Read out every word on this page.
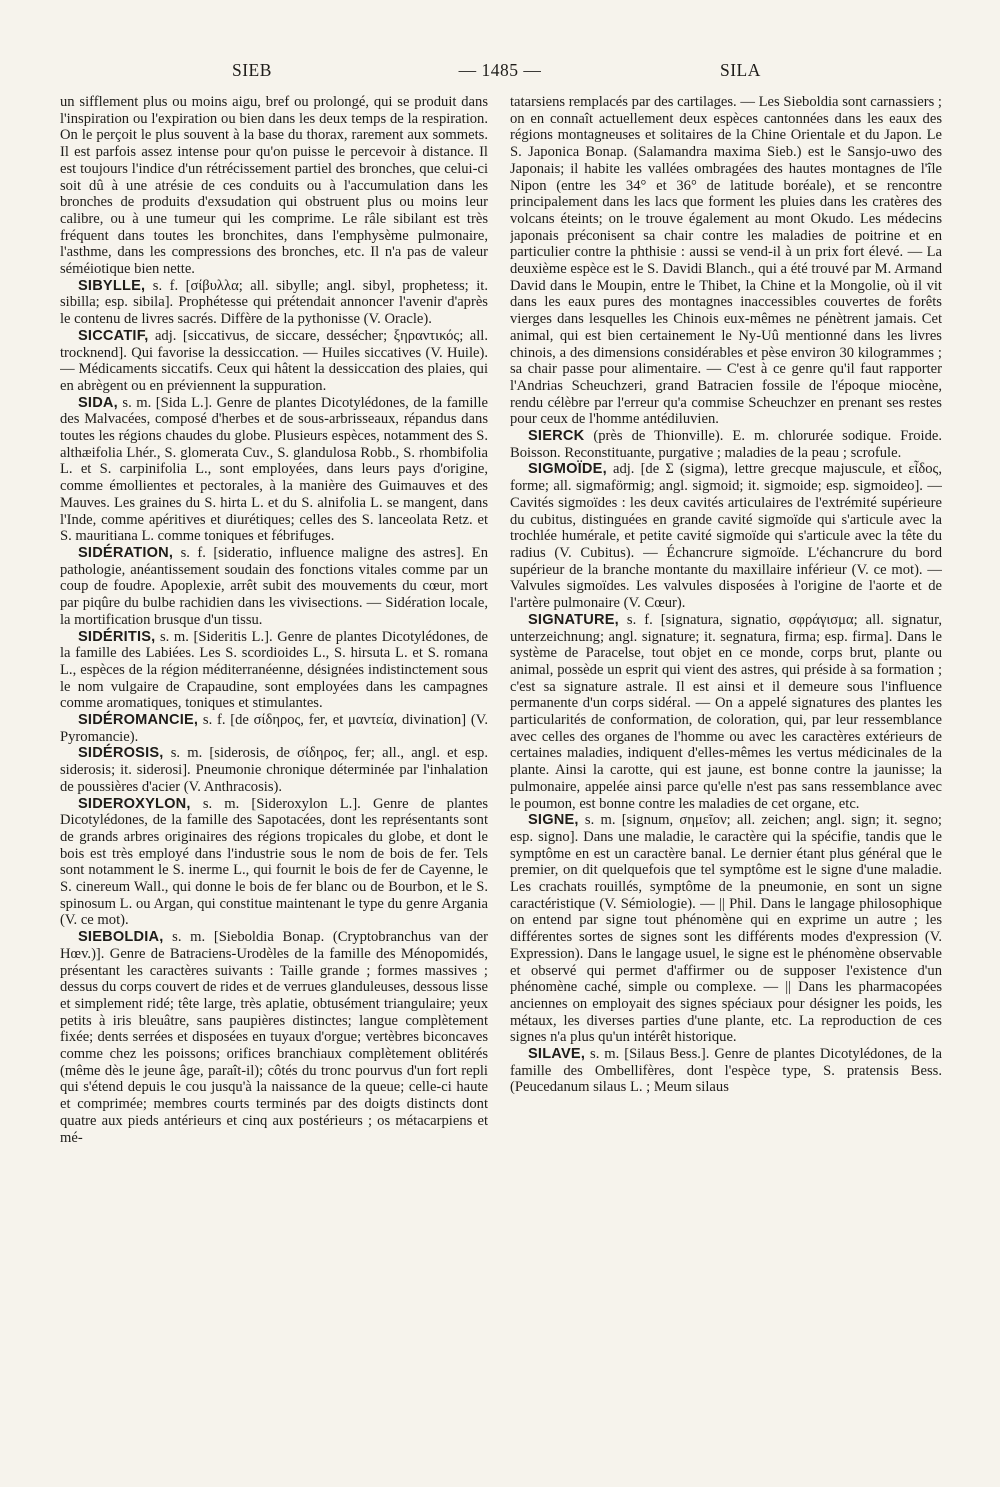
SIEB	— 1485 —	SILA

un sifflement plus ou moins aigu, bref ou prolongé, qui se produit dans l'inspiration ou l'expiration ou bien dans les deux temps de la respiration. On le perçoit le plus souvent à la base du thorax, rarement aux sommets. Il est parfois assez intense pour qu'on puisse le percevoir à distance. Il est toujours l'indice d'un rétrécissement partiel des bronches, que celui-ci soit dû à une atrésie de ces conduits ou à l'accumulation dans les bronches de produits d'exsudation qui obstruent plus ou moins leur calibre, ou à une tumeur qui les comprime. Le râle sibilant est très fréquent dans toutes les bronchites, dans l'emphysème pulmonaire, l'asthme, dans les compressions des bronches, etc. Il n'a pas de valeur séméiotique bien nette.

SIBYLLE, s. f. [σίβυλλα; all. sibylle; angl. sibyl, prophetess; it. sibilla; esp. sibila]. Prophétesse qui prétendait annoncer l'avenir d'après le contenu de livres sacrés. Diffère de la pythonisse (V. Oracle).

SICCATIF, adj. [siccativus, de siccare, dessécher; ξηραντικός; all. trocknend]. Qui favorise la dessiccation. — Huiles siccatives (V. Huile). — Médicaments siccatifs. Ceux qui hâtent la dessiccation des plaies, qui en abrègent ou en préviennent la suppuration.

SIDA, s. m. [Sida L.]. Genre de plantes Dicotylédones, de la famille des Malvacées, composé d'herbes et de sous-arbrisseaux, répandus dans toutes les régions chaudes du globe. Plusieurs espèces, notamment des S. althæifolia Lhér., S. glomerata Cuv., S. glandulosa Robb., S. rhombifolia L. et S. carpinifolia L., sont employées, dans leurs pays d'origine, comme émollientes et pectorales, à la manière des Guimauves et des Mauves. Les graines du S. hirta L. et du S. alnifolia L. se mangent, dans l'Inde, comme apéritives et diurétiques; celles des S. lanceolata Retz. et S. mauritiana L. comme toniques et fébrifuges.

SIDÉRATION, s. f. [sideratio, influence maligne des astres]. En pathologie, anéantissement soudain des fonctions vitales comme par un coup de foudre. Apoplexie, arrêt subit des mouvements du cœur, mort par piqûre du bulbe rachidien dans les vivisections. — Sidération locale, la mortification brusque d'un tissu.

SIDÉRITIS, s. m. [Sideritis L.]. Genre de plantes Dicotylédones, de la famille des Labiées. Les S. scordioides L., S. hirsuta L. et S. romana L., espèces de la région méditerranéenne, désignées indistinctement sous le nom vulgaire de Crapaudine, sont employées dans les campagnes comme aromatiques, toniques et stimulantes.

SIDÉROMANCIE, s. f. [de σίδηρος, fer, et μαντεία, divination] (V. Pyromancie).

SIDÉROSIS, s. m. [siderosis, de σίδηρος, fer; all., angl. et esp. siderosis; it. siderosi]. Pneumonie chronique déterminée par l'inhalation de poussières d'acier (V. Anthracosis).

SIDEROXYLON, s. m. [Sideroxylon L.]. Genre de plantes Dicotylédones, de la famille des Sapotacées, dont les représentants sont de grands arbres originaires des régions tropicales du globe, et dont le bois est très employé dans l'industrie sous le nom de bois de fer. Tels sont notamment le S. inerme L., qui fournit le bois de fer de Cayenne, le S. cinereum Wall., qui donne le bois de fer blanc ou de Bourbon, et le S. spinosum L. ou Argan, qui constitue maintenant le type du genre Argania (V. ce mot).

SIEBOLDIA, s. m. [Sieboldia Bonap. (Cryptobranchus van der Hœv.)]. Genre de Batraciens-Urodèles de la famille des Ménopomidés, présentant les caractères suivants : Taille grande ; formes massives ; dessus du corps couvert de rides et de verrues glanduleuses, dessous lisse et simplement ridé; tête large, très aplatie, obtusément triangulaire; yeux petits à iris bleuâtre, sans paupières distinctes; langue complètement fixée; dents serrées et disposées en tuyaux d'orgue; vertèbres biconcaves comme chez les poissons; orifices branchiaux complètement oblitérés (même dès le jeune âge, paraît-il); côtés du tronc pourvus d'un fort repli qui s'étend depuis le cou jusqu'à la naissance de la queue; celle-ci haute et comprimée; membres courts terminés par des doigts distincts dont quatre aux pieds antérieurs et cinq aux postérieurs ; os métacarpiens et mé-

tatarsiens remplacés par des cartilages. — Les Sieboldia sont carnassiers ; on en connaît actuellement deux espèces cantonnées dans les eaux des régions montagneuses et solitaires de la Chine Orientale et du Japon. Le S. Japonica Bonap. (Salamandra maxima Sieb.) est le Sansjo-uwo des Japonais; il habite les vallées ombragées des hautes montagnes de l'île Nipon (entre les 34° et 36° de latitude boréale), et se rencontre principalement dans les lacs que forment les pluies dans les cratères des volcans éteints; on le trouve également au mont Okudo. Les médecins japonais préconisent sa chair contre les maladies de poitrine et en particulier contre la phthisie : aussi se vend-il à un prix fort élevé. — La deuxième espèce est le S. Davidi Blanch., qui a été trouvé par M. Armand David dans le Moupin, entre le Thibet, la Chine et la Mongolie, où il vit dans les eaux pures des montagnes inaccessibles couvertes de forêts vierges dans lesquelles les Chinois eux-mêmes ne pénètrent jamais. Cet animal, qui est bien certainement le Ny-Uû mentionné dans les livres chinois, a des dimensions considérables et pèse environ 30 kilogrammes ; sa chair passe pour alimentaire. — C'est à ce genre qu'il faut rapporter l'Andrias Scheuchzeri, grand Batracien fossile de l'époque miocène, rendu célèbre par l'erreur qu'a commise Scheuchzer en prenant ses restes pour ceux de l'homme antédiluvien.

SIERCK (près de Thionville). E. m. chlorurée sodique. Froide. Boisson. Reconstituante, purgative ; maladies de la peau ; scrofule.

SIGMOÏDE, adj. [de Σ (sigma), lettre grecque majuscule, et εἶδος, forme; all. sigmaförmig; angl. sigmoid; it. sigmoide; esp. sigmoideo]. — Cavités sigmoïdes : les deux cavités articulaires de l'extrémité supérieure du cubitus, distinguées en grande cavité sigmoïde qui s'articule avec la trochlée humérale, et petite cavité sigmoïde qui s'articule avec la tête du radius (V. Cubitus). — Échancrure sigmoïde. L'échancrure du bord supérieur de la branche montante du maxillaire inférieur (V. ce mot). — Valvules sigmoïdes. Les valvules disposées à l'origine de l'aorte et de l'artère pulmonaire (V. Cœur).

SIGNATURE, s. f. [signatura, signatio, σφράγισμα; all. signatur, unterzeichnung; angl. signature; it. segnatura, firma; esp. firma]. Dans le système de Paracelse, tout objet en ce monde, corps brut, plante ou animal, possède un esprit qui vient des astres, qui préside à sa formation ; c'est sa signature astrale. Il est ainsi et il demeure sous l'influence permanente d'un corps sidéral. — On a appelé signatures des plantes les particularités de conformation, de coloration, qui, par leur ressemblance avec celles des organes de l'homme ou avec les caractères extérieurs de certaines maladies, indiquent d'elles-mêmes les vertus médicinales de la plante. Ainsi la carotte, qui est jaune, est bonne contre la jaunisse; la pulmonaire, appelée ainsi parce qu'elle n'est pas sans ressemblance avec le poumon, est bonne contre les maladies de cet organe, etc.

SIGNE, s. m. [signum, σημεῖον; all. zeichen; angl. sign; it. segno; esp. signo]. Dans une maladie, le caractère qui la spécifie, tandis que le symptôme en est un caractère banal. Le dernier étant plus général que le premier, on dit quelquefois que tel symptôme est le signe d'une maladie. Les crachats rouillés, symptôme de la pneumonie, en sont un signe caractéristique (V. Sémiologie). — || Phil. Dans le langage philosophique on entend par signe tout phénomène qui en exprime un autre ; les différentes sortes de signes sont les différents modes d'expression (V. Expression). Dans le langage usuel, le signe est le phénomène observable et observé qui permet d'affirmer ou de supposer l'existence d'un phénomène caché, simple ou complexe. — || Dans les pharmacopées anciennes on employait des signes spéciaux pour désigner les poids, les métaux, les diverses parties d'une plante, etc. La reproduction de ces signes n'a plus qu'un intérêt historique.

SILAVE, s. m. [Silaus Bess.]. Genre de plantes Dicotylédones, de la famille des Ombellifères, dont l'espèce type, S. pratensis Bess. (Peucedanum silaus L. ; Meum silaus
